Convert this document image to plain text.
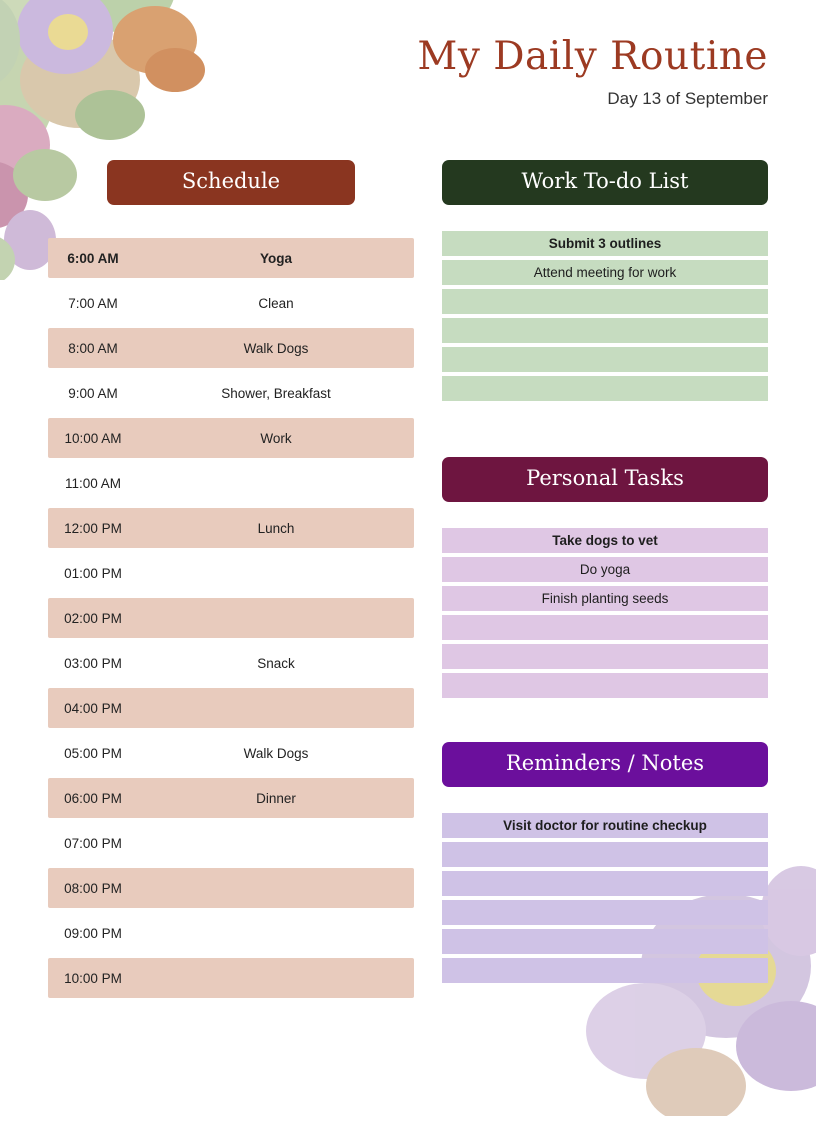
My Daily Routine
Day 13 of September
Schedule
6:00 AM	Yoga
7:00 AM	Clean
8:00 AM	Walk Dogs
9:00 AM	Shower, Breakfast
10:00 AM	Work
11:00 AM	
12:00 PM	Lunch
01:00 PM	
02:00 PM	
03:00 PM	Snack
04:00 PM	
05:00 PM	Walk Dogs
06:00 PM	Dinner
07:00 PM	
08:00 PM	
09:00 PM	
10:00 PM	
Work To-do List
Submit 3 outlines
Attend meeting for work
Personal Tasks
Take dogs to vet
Do yoga
Finish planting seeds
Reminders / Notes
Visit doctor for routine checkup
